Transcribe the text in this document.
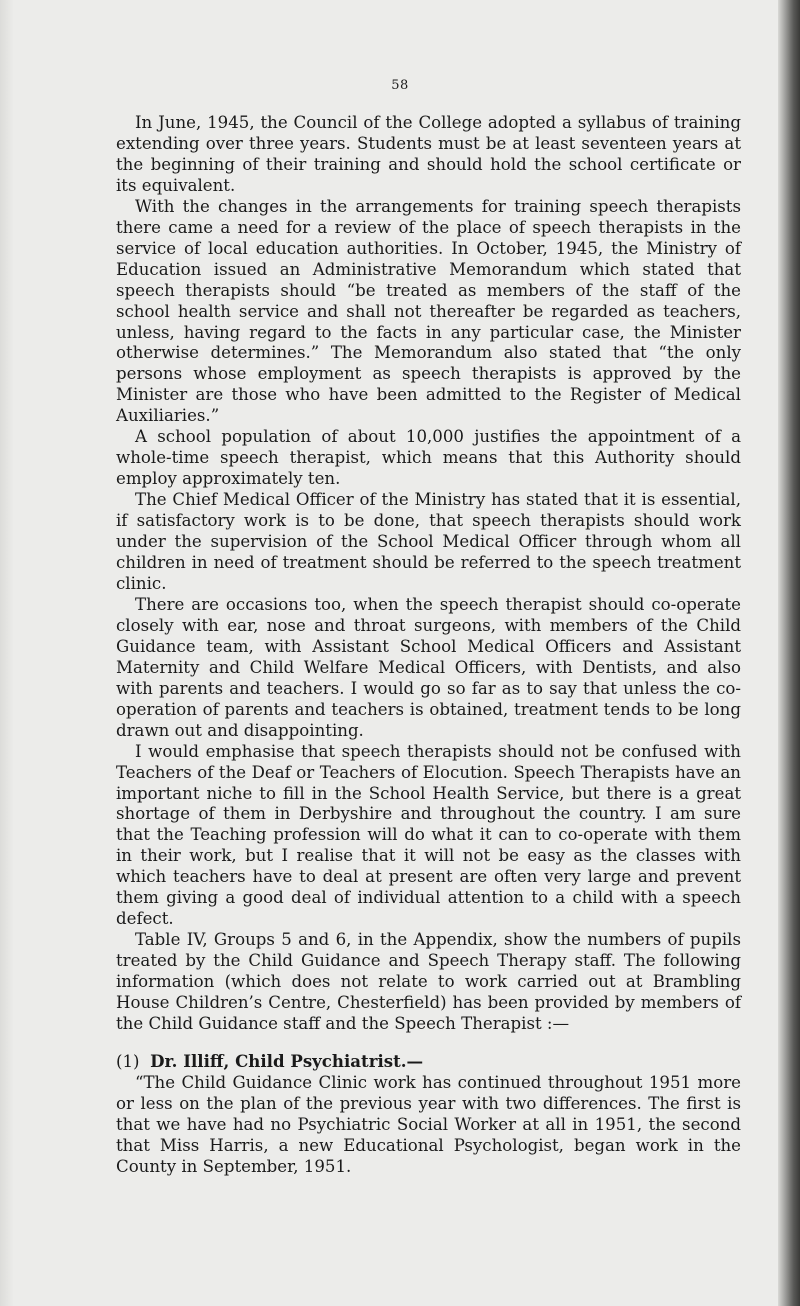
58

In June, 1945, the Council of the College adopted a syllabus of training extending over three years. Students must be at least seventeen years at the beginning of their training and should hold the school certificate or its equivalent.

With the changes in the arrangements for training speech therapists there came a need for a review of the place of speech therapists in the service of local education authorities. In October, 1945, the Ministry of Education issued an Administrative Memorandum which stated that speech therapists should “be treated as members of the staff of the school health service and shall not thereafter be regarded as teachers, unless, having regard to the facts in any particular case, the Minister otherwise determines.” The Memorandum also stated that “the only persons whose employment as speech therapists is approved by the Minister are those who have been admitted to the Register of Medical Auxiliaries.”

A school population of about 10,000 justifies the appointment of a whole-time speech therapist, which means that this Authority should employ approximately ten.

The Chief Medical Officer of the Ministry has stated that it is essential, if satisfactory work is to be done, that speech therapists should work under the supervision of the School Medical Officer through whom all children in need of treatment should be referred to the speech treatment clinic.

There are occasions too, when the speech therapist should co-operate closely with ear, nose and throat surgeons, with members of the Child Guidance team, with Assistant School Medical Officers and Assistant Maternity and Child Welfare Medical Officers, with Dentists, and also with parents and teachers. I would go so far as to say that unless the co-operation of parents and teachers is obtained, treatment tends to be long drawn out and disappointing.

I would emphasise that speech therapists should not be confused with Teachers of the Deaf or Teachers of Elocution. Speech Therapists have an important niche to fill in the School Health Service, but there is a great shortage of them in Derbyshire and throughout the country. I am sure that the Teaching profession will do what it can to co-operate with them in their work, but I realise that it will not be easy as the classes with which teachers have to deal at present are often very large and prevent them giving a good deal of individual attention to a child with a speech defect.

Table IV, Groups 5 and 6, in the Appendix, show the numbers of pupils treated by the Child Guidance and Speech Therapy staff. The following information (which does not relate to work carried out at Brambling House Children’s Centre, Chesterfield) has been provided by members of the Child Guidance staff and the Speech Therapist :—

(1) Dr. Illiff, Child Psychiatrist.—

“The Child Guidance Clinic work has continued throughout 1951 more or less on the plan of the previous year with two differences. The first is that we have had no Psychiatric Social Worker at all in 1951, the second that Miss Harris, a new Educational Psychologist, began work in the County in September, 1951.
